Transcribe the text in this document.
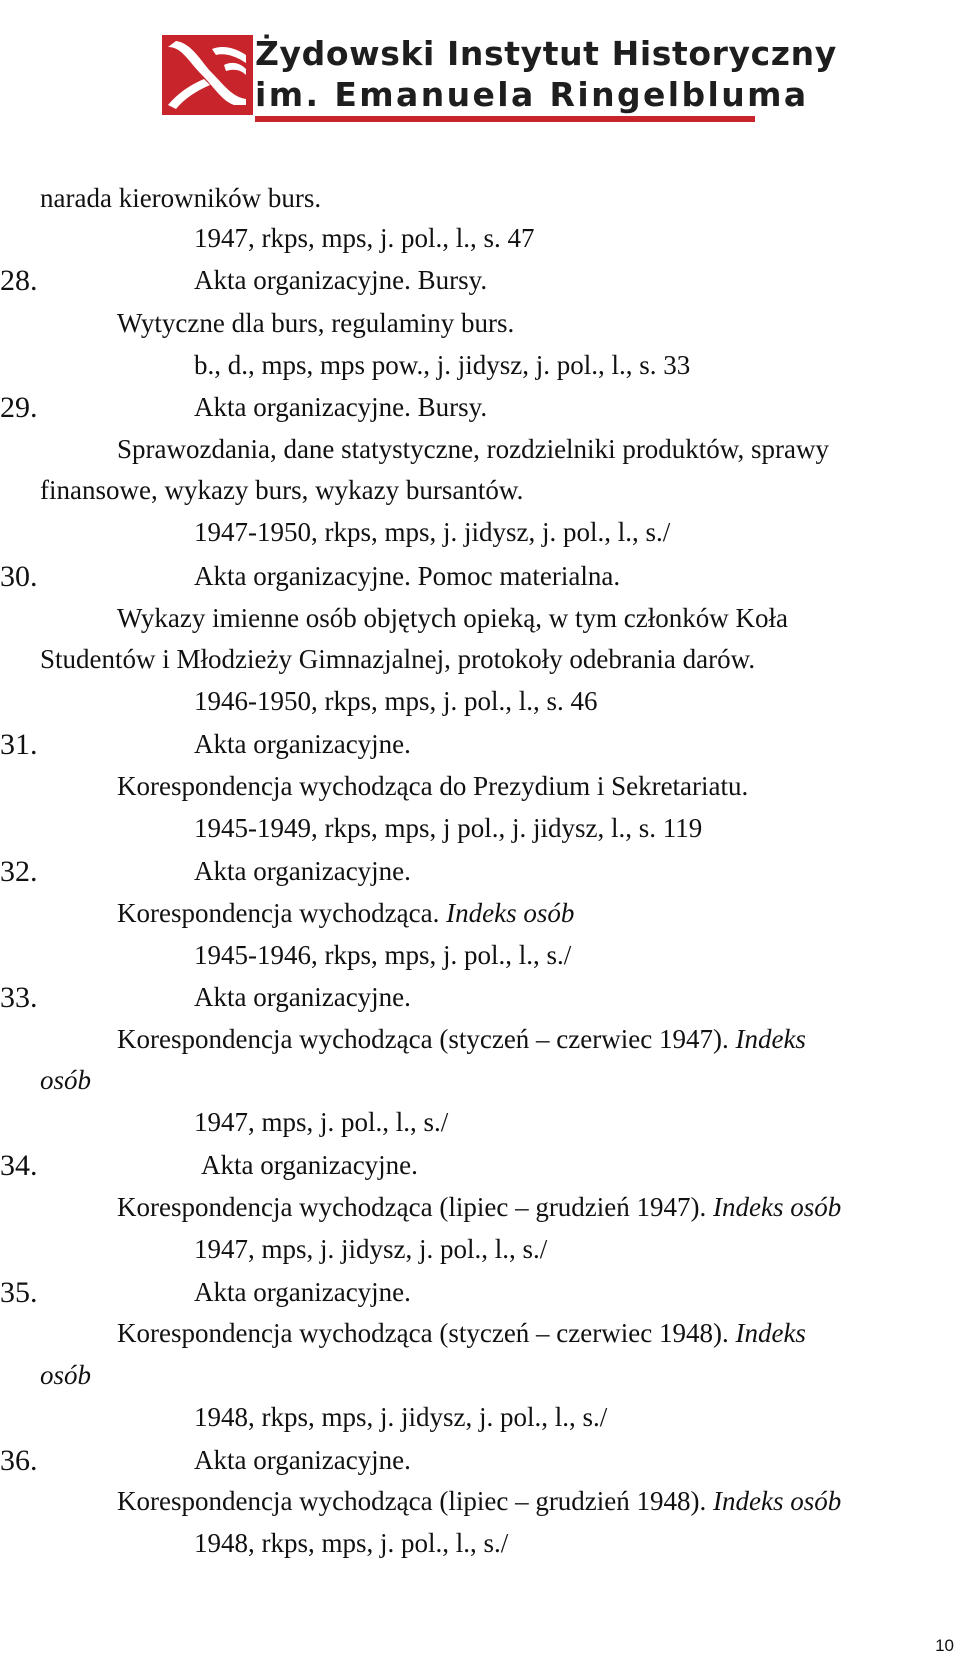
Żydowski Instytut Historyczny
im. Emanuela Ringelbluma
narada kierowników burs.
1947, rkps, mps, j. pol., l., s. 47
28.	Akta organizacyjne. Bursy.
Wytyczne dla burs, regulaminy burs.
b., d., mps, mps pow., j. jidysz, j. pol., l., s. 33
29.	Akta organizacyjne. Bursy.
Sprawozdania, dane statystyczne, rozdzielniki produktów, sprawy
finansowe, wykazy burs, wykazy bursantów.
1947-1950, rkps, mps, j. jidysz, j. pol., l., s./
30.	Akta organizacyjne. Pomoc materialna.
Wykazy imienne osób objętych opieką, w tym członków Koła
Studentów i Młodzieży Gimnazjalnej, protokoły odebrania darów.
1946-1950, rkps, mps, j. pol., l., s. 46
31.	Akta organizacyjne.
Korespondencja wychodząca do Prezydium i Sekretariatu.
1945-1949, rkps, mps, j pol., j. jidysz, l., s. 119
32.	Akta organizacyjne.
Korespondencja wychodząca. Indeks osób
1945-1946, rkps, mps, j. pol., l., s./
33.	Akta organizacyjne.
Korespondencja wychodząca (styczeń – czerwiec 1947). Indeks
osób
1947, mps, j. pol., l., s./
34.	Akta organizacyjne.
Korespondencja wychodząca (lipiec – grudzień 1947). Indeks osób
1947, mps, j. jidysz, j. pol., l., s./
35.	Akta organizacyjne.
Korespondencja wychodząca (styczeń – czerwiec 1948). Indeks
osób
1948, rkps, mps, j. jidysz, j. pol., l., s./
36.	Akta organizacyjne.
Korespondencja wychodząca (lipiec – grudzień 1948). Indeks osób
1948, rkps, mps, j. pol., l., s./
10
